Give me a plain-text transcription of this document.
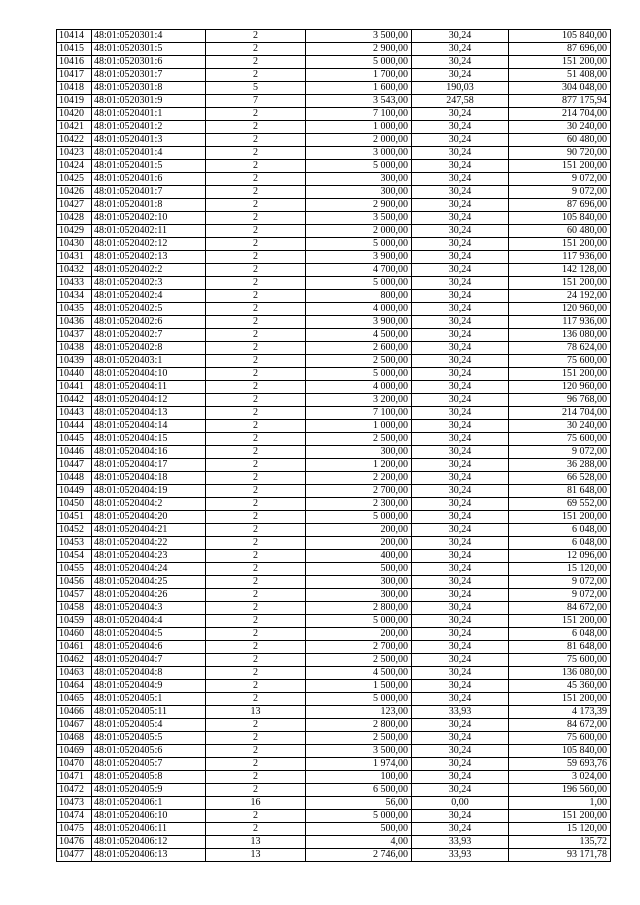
10414	48:01:0520301:4	2	3 500,00	30,24	105 840,00
10415	48:01:0520301:5	2	2 900,00	30,24	87 696,00
10416	48:01:0520301:6	2	5 000,00	30,24	151 200,00
10417	48:01:0520301:7	2	1 700,00	30,24	51 408,00
10418	48:01:0520301:8	5	1 600,00	190,03	304 048,00
10419	48:01:0520301:9	7	3 543,00	247,58	877 175,94
10420	48:01:0520401:1	2	7 100,00	30,24	214 704,00
10421	48:01:0520401:2	2	1 000,00	30,24	30 240,00
10422	48:01:0520401:3	2	2 000,00	30,24	60 480,00
10423	48:01:0520401:4	2	3 000,00	30,24	90 720,00
10424	48:01:0520401:5	2	5 000,00	30,24	151 200,00
10425	48:01:0520401:6	2	300,00	30,24	9 072,00
10426	48:01:0520401:7	2	300,00	30,24	9 072,00
10427	48:01:0520401:8	2	2 900,00	30,24	87 696,00
10428	48:01:0520402:10	2	3 500,00	30,24	105 840,00
10429	48:01:0520402:11	2	2 000,00	30,24	60 480,00
10430	48:01:0520402:12	2	5 000,00	30,24	151 200,00
10431	48:01:0520402:13	2	3 900,00	30,24	117 936,00
10432	48:01:0520402:2	2	4 700,00	30,24	142 128,00
10433	48:01:0520402:3	2	5 000,00	30,24	151 200,00
10434	48:01:0520402:4	2	800,00	30,24	24 192,00
10435	48:01:0520402:5	2	4 000,00	30,24	120 960,00
10436	48:01:0520402:6	2	3 900,00	30,24	117 936,00
10437	48:01:0520402:7	2	4 500,00	30,24	136 080,00
10438	48:01:0520402:8	2	2 600,00	30,24	78 624,00
10439	48:01:0520403:1	2	2 500,00	30,24	75 600,00
10440	48:01:0520404:10	2	5 000,00	30,24	151 200,00
10441	48:01:0520404:11	2	4 000,00	30,24	120 960,00
10442	48:01:0520404:12	2	3 200,00	30,24	96 768,00
10443	48:01:0520404:13	2	7 100,00	30,24	214 704,00
10444	48:01:0520404:14	2	1 000,00	30,24	30 240,00
10445	48:01:0520404:15	2	2 500,00	30,24	75 600,00
10446	48:01:0520404:16	2	300,00	30,24	9 072,00
10447	48:01:0520404:17	2	1 200,00	30,24	36 288,00
10448	48:01:0520404:18	2	2 200,00	30,24	66 528,00
10449	48:01:0520404:19	2	2 700,00	30,24	81 648,00
10450	48:01:0520404:2	2	2 300,00	30,24	69 552,00
10451	48:01:0520404:20	2	5 000,00	30,24	151 200,00
10452	48:01:0520404:21	2	200,00	30,24	6 048,00
10453	48:01:0520404:22	2	200,00	30,24	6 048,00
10454	48:01:0520404:23	2	400,00	30,24	12 096,00
10455	48:01:0520404:24	2	500,00	30,24	15 120,00
10456	48:01:0520404:25	2	300,00	30,24	9 072,00
10457	48:01:0520404:26	2	300,00	30,24	9 072,00
10458	48:01:0520404:3	2	2 800,00	30,24	84 672,00
10459	48:01:0520404:4	2	5 000,00	30,24	151 200,00
10460	48:01:0520404:5	2	200,00	30,24	6 048,00
10461	48:01:0520404:6	2	2 700,00	30,24	81 648,00
10462	48:01:0520404:7	2	2 500,00	30,24	75 600,00
10463	48:01:0520404:8	2	4 500,00	30,24	136 080,00
10464	48:01:0520404:9	2	1 500,00	30,24	45 360,00
10465	48:01:0520405:1	2	5 000,00	30,24	151 200,00
10466	48:01:0520405:11	13	123,00	33,93	4 173,39
10467	48:01:0520405:4	2	2 800,00	30,24	84 672,00
10468	48:01:0520405:5	2	2 500,00	30,24	75 600,00
10469	48:01:0520405:6	2	3 500,00	30,24	105 840,00
10470	48:01:0520405:7	2	1 974,00	30,24	59 693,76
10471	48:01:0520405:8	2	100,00	30,24	3 024,00
10472	48:01:0520405:9	2	6 500,00	30,24	196 560,00
10473	48:01:0520406:1	16	56,00	0,00	1,00
10474	48:01:0520406:10	2	5 000,00	30,24	151 200,00
10475	48:01:0520406:11	2	500,00	30,24	15 120,00
10476	48:01:0520406:12	13	4,00	33,93	135,72
10477	48:01:0520406:13	13	2 746,00	33,93	93 171,78
